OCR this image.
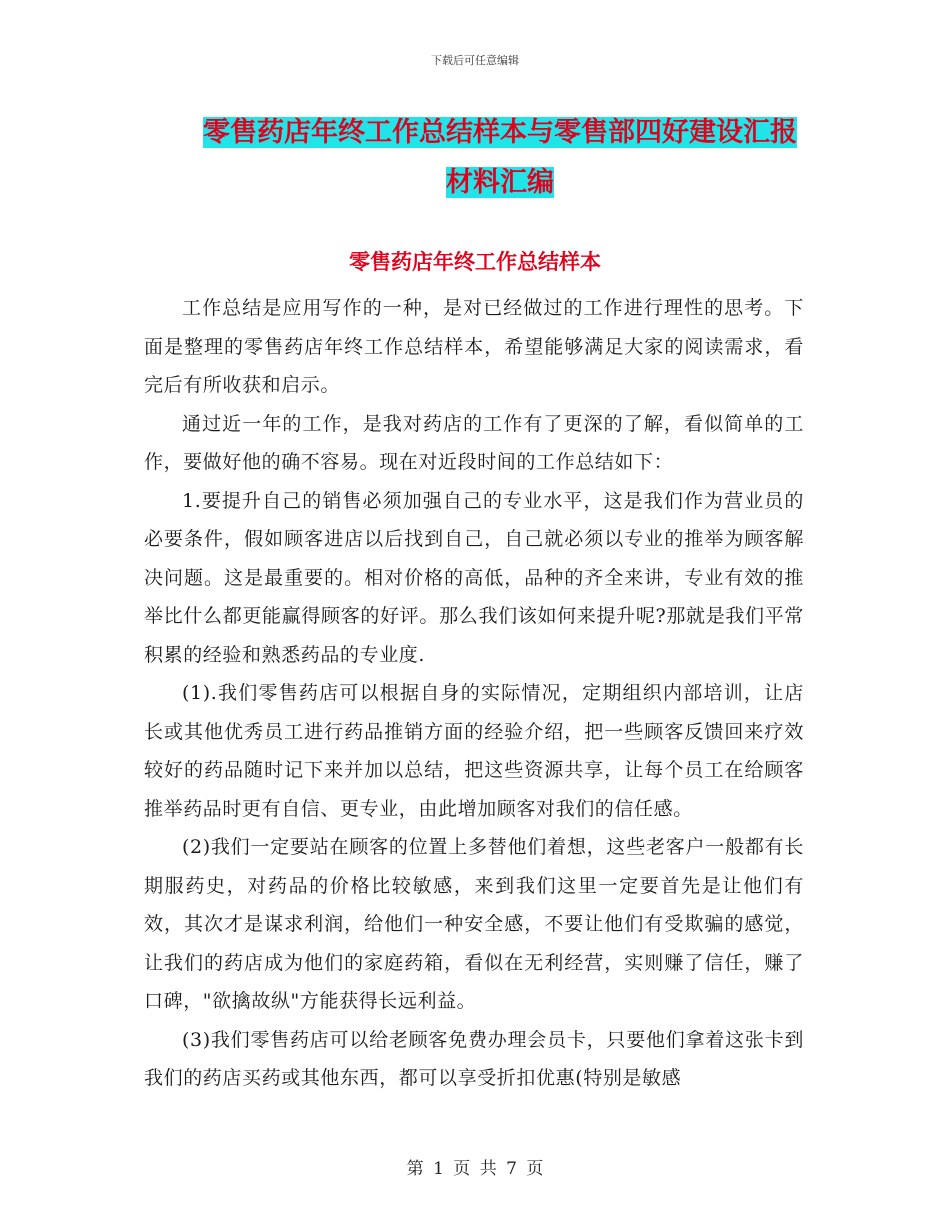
下载后可任意编辑
零售药店年终工作总结样本与零售部四好建设汇报材料汇编
零售药店年终工作总结样本

工作总结是应用写作的一种，是对已经做过的工作进行理性的思考。下面是整理的零售药店年终工作总结样本，希望能够满足大家的阅读需求，看完后有所收获和启示。

通过近一年的工作，是我对药店的工作有了更深的了解，看似简单的工作，要做好他的确不容易。现在对近段时间的工作总结如下：

1.要提升自己的销售必须加强自己的专业水平，这是我们作为营业员的必要条件，假如顾客进店以后找到自己，自己就必须以专业的推举为顾客解决问题。这是最重要的。相对价格的高低，品种的齐全来讲，专业有效的推举比什么都更能赢得顾客的好评。那么我们该如何来提升呢?那就是我们平常积累的经验和熟悉药品的专业度.

(1).我们零售药店可以根据自身的实际情况，定期组织内部培训，让店长或其他优秀员工进行药品推销方面的经验介绍，把一些顾客反馈回来疗效较好的药品随时记下来并加以总结，把这些资源共享，让每个员工在给顾客推举药品时更有自信、更专业，由此增加顾客对我们的信任感。

(2)我们一定要站在顾客的位置上多替他们着想，这些老客户一般都有长期服药史，对药品的价格比较敏感，来到我们这里一定要首先是让他们有效，其次才是谋求利润，给他们一种安全感，不要让他们有受欺骗的感觉，让我们的药店成为他们的家庭药箱，看似在无利经营，实则赚了信任，赚了口碑，"欲擒故纵"方能获得长远利益。

(3)我们零售药店可以给老顾客免费办理会员卡，只要他们拿着这张卡到我们的药店买药或其他东西，都可以享受折扣优惠(特别是敏感

第 1 页 共 7 页
